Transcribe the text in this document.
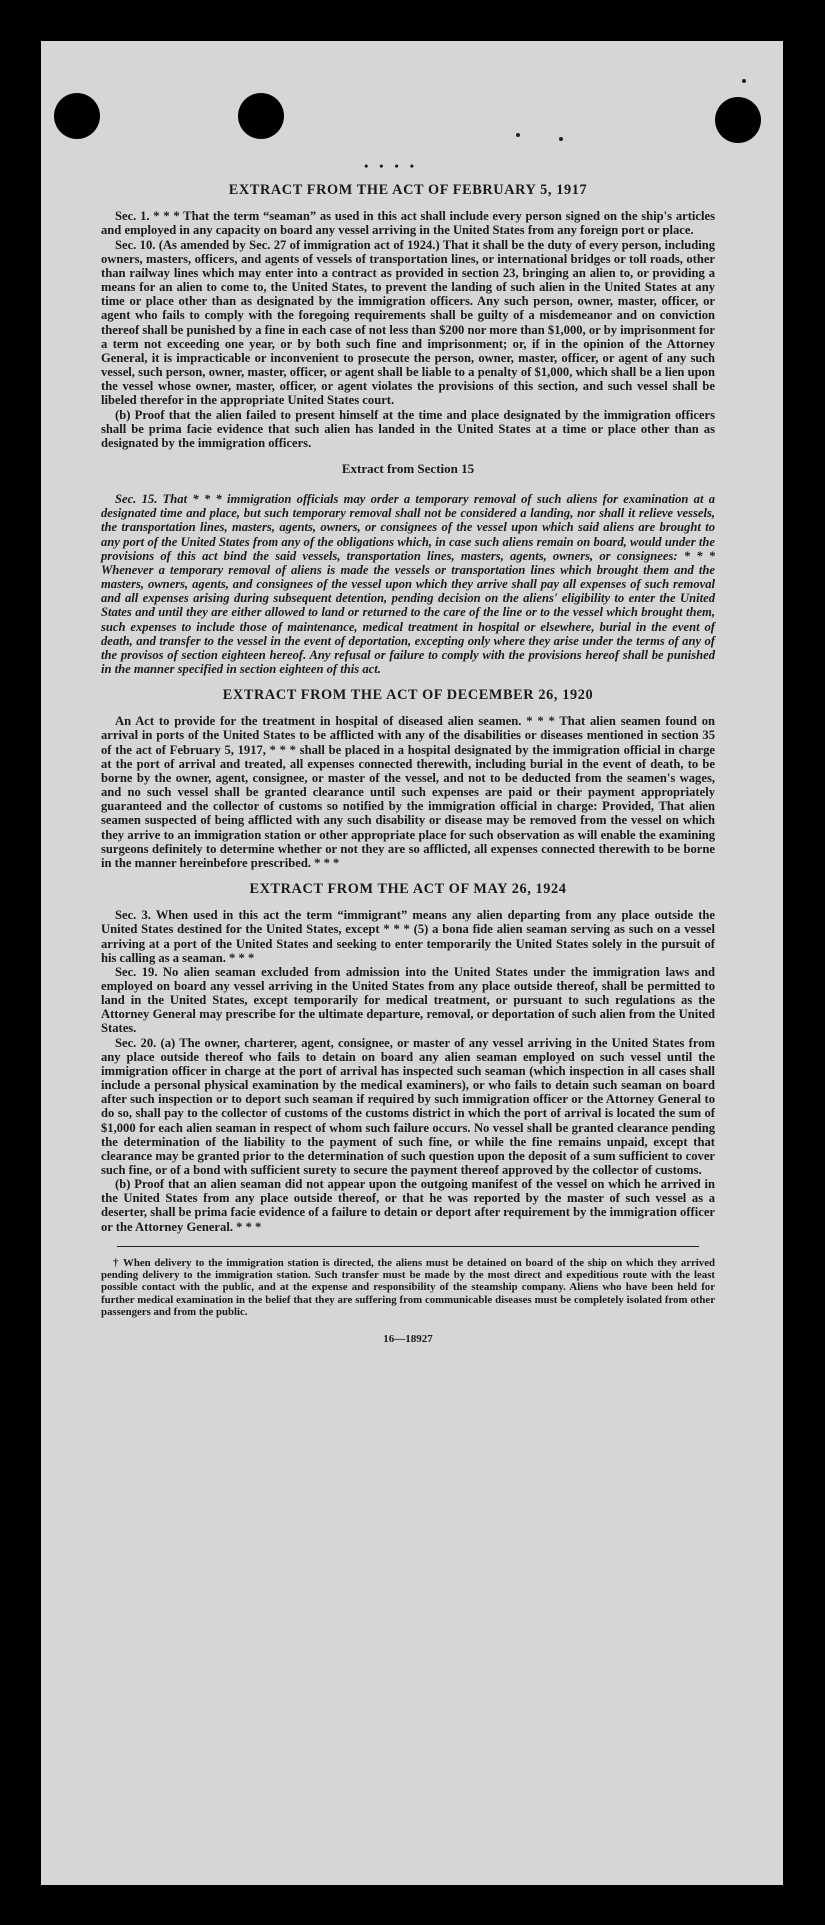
• • • •
EXTRACT FROM THE ACT OF FEBRUARY 5, 1917

Sec. 1. * * * That the term “seaman” as used in this act shall include every person signed on the ship's articles and employed in any capacity on board any vessel arriving in the United States from any foreign port or place.

Sec. 10. (As amended by Sec. 27 of immigration act of 1924.) That it shall be the duty of every person, including owners, masters, officers, and agents of vessels of transportation lines, or international bridges or toll roads, other than railway lines which may enter into a contract as provided in section 23, bringing an alien to, or providing a means for an alien to come to, the United States, to prevent the landing of such alien in the United States at any time or place other than as designated by the immigration officers. Any such person, owner, master, officer, or agent who fails to comply with the foregoing requirements shall be guilty of a misdemeanor and on conviction thereof shall be punished by a fine in each case of not less than $200 nor more than $1,000, or by imprisonment for a term not exceeding one year, or by both such fine and imprisonment; or, if in the opinion of the Attorney General, it is impracticable or inconvenient to prosecute the person, owner, master, officer, or agent of any such vessel, such person, owner, master, officer, or agent shall be liable to a penalty of $1,000, which shall be a lien upon the vessel whose owner, master, officer, or agent violates the provisions of this section, and such vessel shall be libeled therefor in the appropriate United States court.

(b) Proof that the alien failed to present himself at the time and place designated by the immigration officers shall be prima facie evidence that such alien has landed in the United States at a time or place other than as designated by the immigration officers.

Extract from Section 15

Sec. 15. That * * * immigration officials may order a temporary removal of such aliens for examination at a designated time and place, but such temporary removal shall not be considered a landing, nor shall it relieve vessels, the transportation lines, masters, agents, owners, or consignees of the vessel upon which said aliens are brought to any port of the United States from any of the obligations which, in case such aliens remain on board, would under the provisions of this act bind the said vessels, transportation lines, masters, agents, owners, or consignees: * * * Whenever a temporary removal of aliens is made the vessels or transportation lines which brought them and the masters, owners, agents, and consignees of the vessel upon which they arrive shall pay all expenses of such removal and all expenses arising during subsequent detention, pending decision on the aliens' eligibility to enter the United States and until they are either allowed to land or returned to the care of the line or to the vessel which brought them, such expenses to include those of maintenance, medical treatment in hospital or elsewhere, burial in the event of death, and transfer to the vessel in the event of deportation, excepting only where they arise under the terms of any of the provisos of section eighteen hereof. Any refusal or failure to comply with the provisions hereof shall be punished in the manner specified in section eighteen of this act.

EXTRACT FROM THE ACT OF DECEMBER 26, 1920

An Act to provide for the treatment in hospital of diseased alien seamen. * * * That alien seamen found on arrival in ports of the United States to be afflicted with any of the disabilities or diseases mentioned in section 35 of the act of February 5, 1917, * * * shall be placed in a hospital designated by the immigration official in charge at the port of arrival and treated, all expenses connected therewith, including burial in the event of death, to be borne by the owner, agent, consignee, or master of the vessel, and not to be deducted from the seamen's wages, and no such vessel shall be granted clearance until such expenses are paid or their payment appropriately guaranteed and the collector of customs so notified by the immigration official in charge: Provided, That alien seamen suspected of being afflicted with any such disability or disease may be removed from the vessel on which they arrive to an immigration station or other appropriate place for such observation as will enable the examining surgeons definitely to determine whether or not they are so afflicted, all expenses connected therewith to be borne in the manner hereinbefore prescribed. * * *

EXTRACT FROM THE ACT OF MAY 26, 1924

Sec. 3. When used in this act the term “immigrant” means any alien departing from any place outside the United States destined for the United States, except * * * (5) a bona fide alien seaman serving as such on a vessel arriving at a port of the United States and seeking to enter temporarily the United States solely in the pursuit of his calling as a seaman. * * *

Sec. 19. No alien seaman excluded from admission into the United States under the immigration laws and employed on board any vessel arriving in the United States from any place outside thereof, shall be permitted to land in the United States, except temporarily for medical treatment, or pursuant to such regulations as the Attorney General may prescribe for the ultimate departure, removal, or deportation of such alien from the United States.

Sec. 20. (a) The owner, charterer, agent, consignee, or master of any vessel arriving in the United States from any place outside thereof who fails to detain on board any alien seaman employed on such vessel until the immigration officer in charge at the port of arrival has inspected such seaman (which inspection in all cases shall include a personal physical examination by the medical examiners), or who fails to detain such seaman on board after such inspection or to deport such seaman if required by such immigration officer or the Attorney General to do so, shall pay to the collector of customs of the customs district in which the port of arrival is located the sum of $1,000 for each alien seaman in respect of whom such failure occurs. No vessel shall be granted clearance pending the determination of the liability to the payment of such fine, or while the fine remains unpaid, except that clearance may be granted prior to the determination of such question upon the deposit of a sum sufficient to cover such fine, or of a bond with sufficient surety to secure the payment thereof approved by the collector of customs.

(b) Proof that an alien seaman did not appear upon the outgoing manifest of the vessel on which he arrived in the United States from any place outside thereof, or that he was reported by the master of such vessel as a deserter, shall be prima facie evidence of a failure to detain or deport after requirement by the immigration officer or the Attorney General. * * *

† When delivery to the immigration station is directed, the aliens must be detained on board of the ship on which they arrived pending delivery to the immigration station. Such transfer must be made by the most direct and expeditious route with the least possible contact with the public, and at the expense and responsibility of the steamship company. Aliens who have been held for further medical examination in the belief that they are suffering from communicable diseases must be completely isolated from other passengers and from the public.

16—18927
